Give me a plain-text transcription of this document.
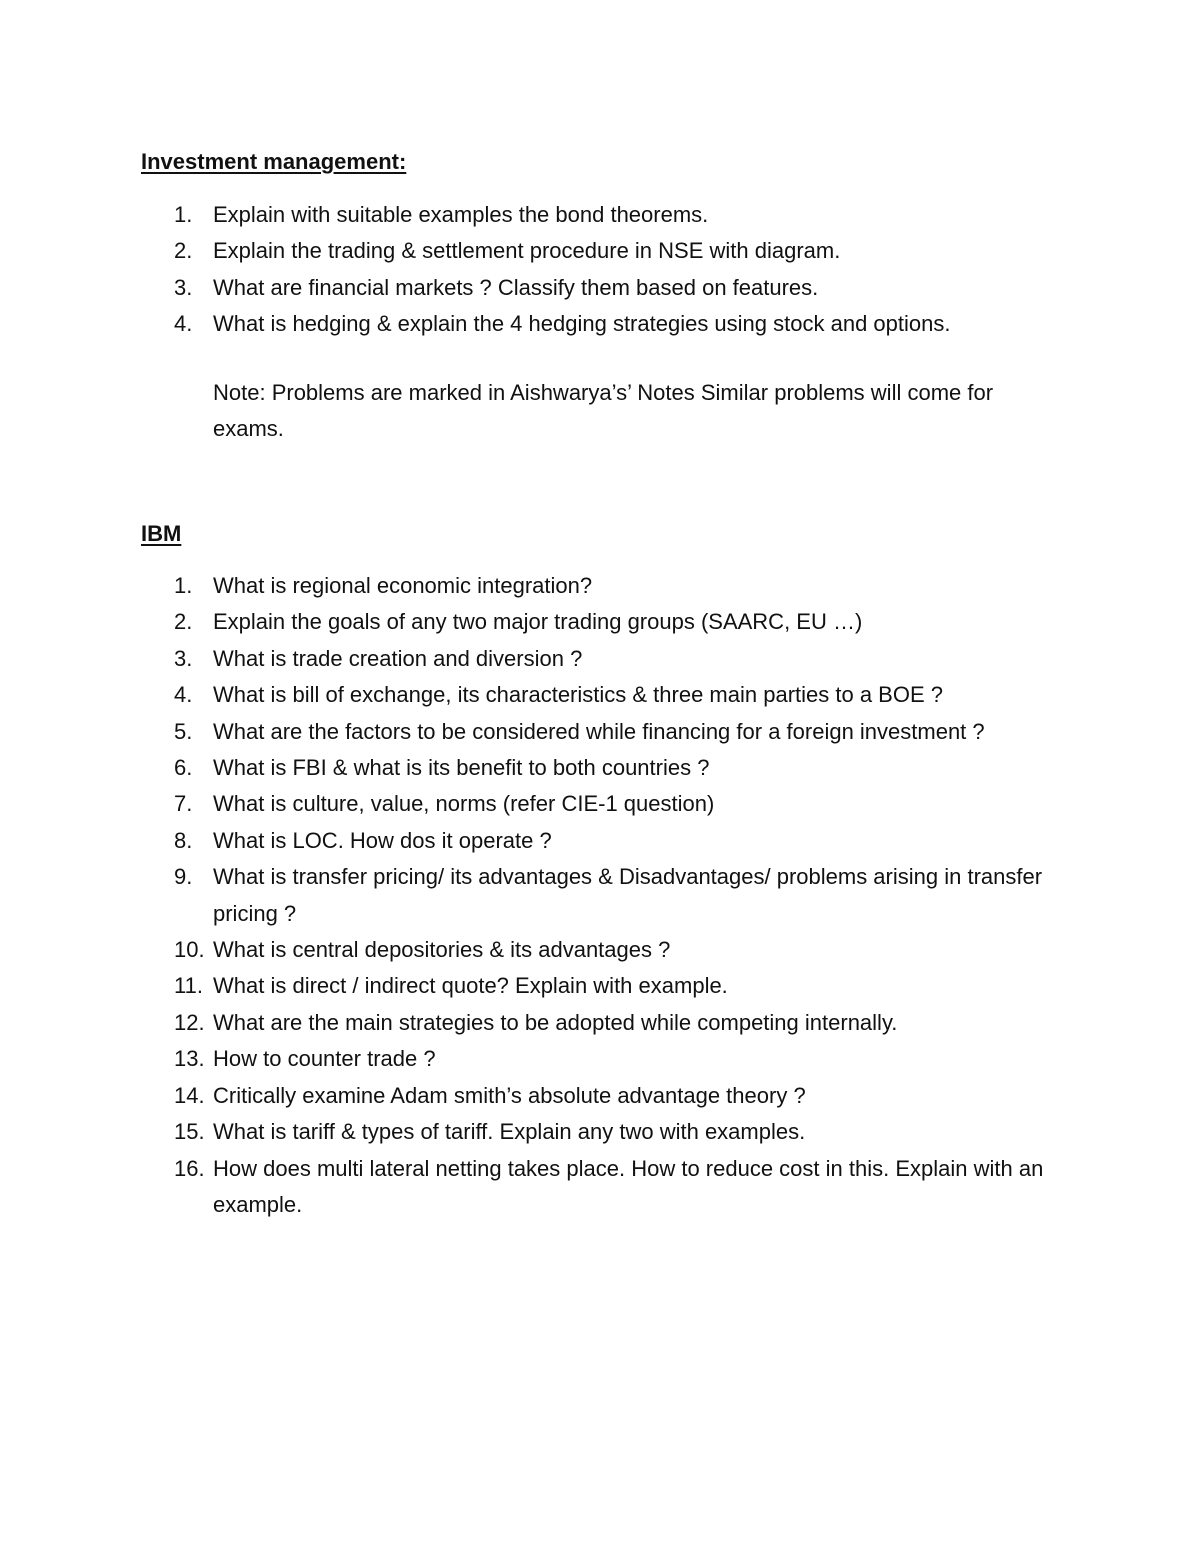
Investment management:
1. Explain with suitable examples the bond theorems.
2. Explain the trading & settlement procedure in NSE with diagram.
3. What are financial markets ? Classify them based on features.
4. What is hedging & explain the 4 hedging strategies using stock and options.

Note: Problems are marked in Aishwarya’s’ Notes Similar problems will come for exams.

IBM
1. What is regional economic integration?
2. Explain the goals of any two major trading groups (SAARC, EU …)
3. What is trade creation and diversion ?
4. What is bill of exchange, its characteristics & three main parties to a BOE ?
5. What are the factors to be considered while financing for a foreign investment ?
6. What is FBI & what is its benefit to both countries ?
7. What is culture, value, norms (refer CIE-1 question)
8. What is LOC. How dos it operate ?
9. What is transfer pricing/ its advantages & Disadvantages/ problems arising in transfer pricing ?
10. What is central depositories & its advantages ?
11. What is direct / indirect quote? Explain with example.
12. What are the main strategies to be adopted while competing internally.
13. How to counter trade ?
14. Critically examine Adam smith’s absolute advantage theory ?
15. What is tariff & types of tariff. Explain any two with examples.
16. How does multi lateral netting takes place. How to reduce cost in this. Explain with an example.
